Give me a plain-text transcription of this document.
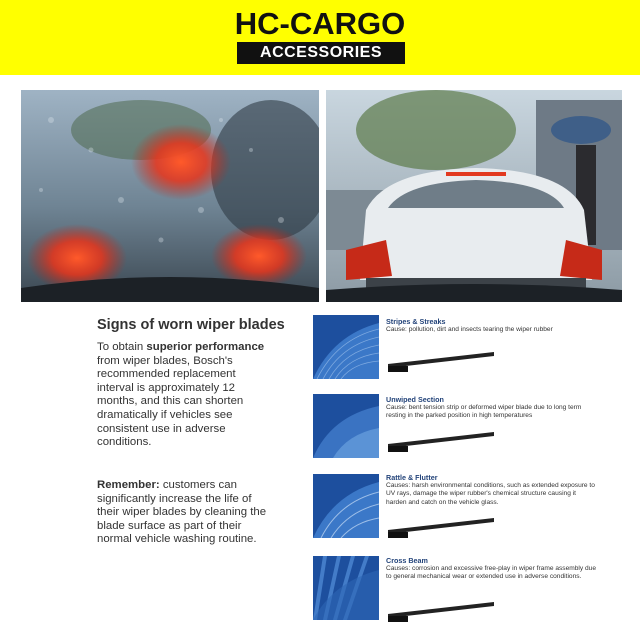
HC-CARGO
ACCESSORIES
Signs of worn wiper blades
To obtain superior performance from wiper blades, Bosch's recommended replacement interval is approximately 12 months, and this can shorten dramatically if vehicles see consistent use in adverse conditions.
Remember: customers can significantly increase the life of their wiper blades by cleaning the blade surface as part of their normal vehicle washing routine.
Stripes & Streaks
Cause: pollution, dirt and insects tearing the wiper rubber
Unwiped Section
Cause: bent tension strip or deformed wiper blade due to long term resting in the parked position in high temperatures
Rattle & Flutter
Causes: harsh environmental conditions, such as extended exposure to UV rays, damage the wiper rubber's chemical structure causing it harden and catch on the vehicle glass.
Cross Beam
Causes: corrosion and excessive free-play in wiper frame assembly due to general mechanical wear or extended use in adverse conditions.
